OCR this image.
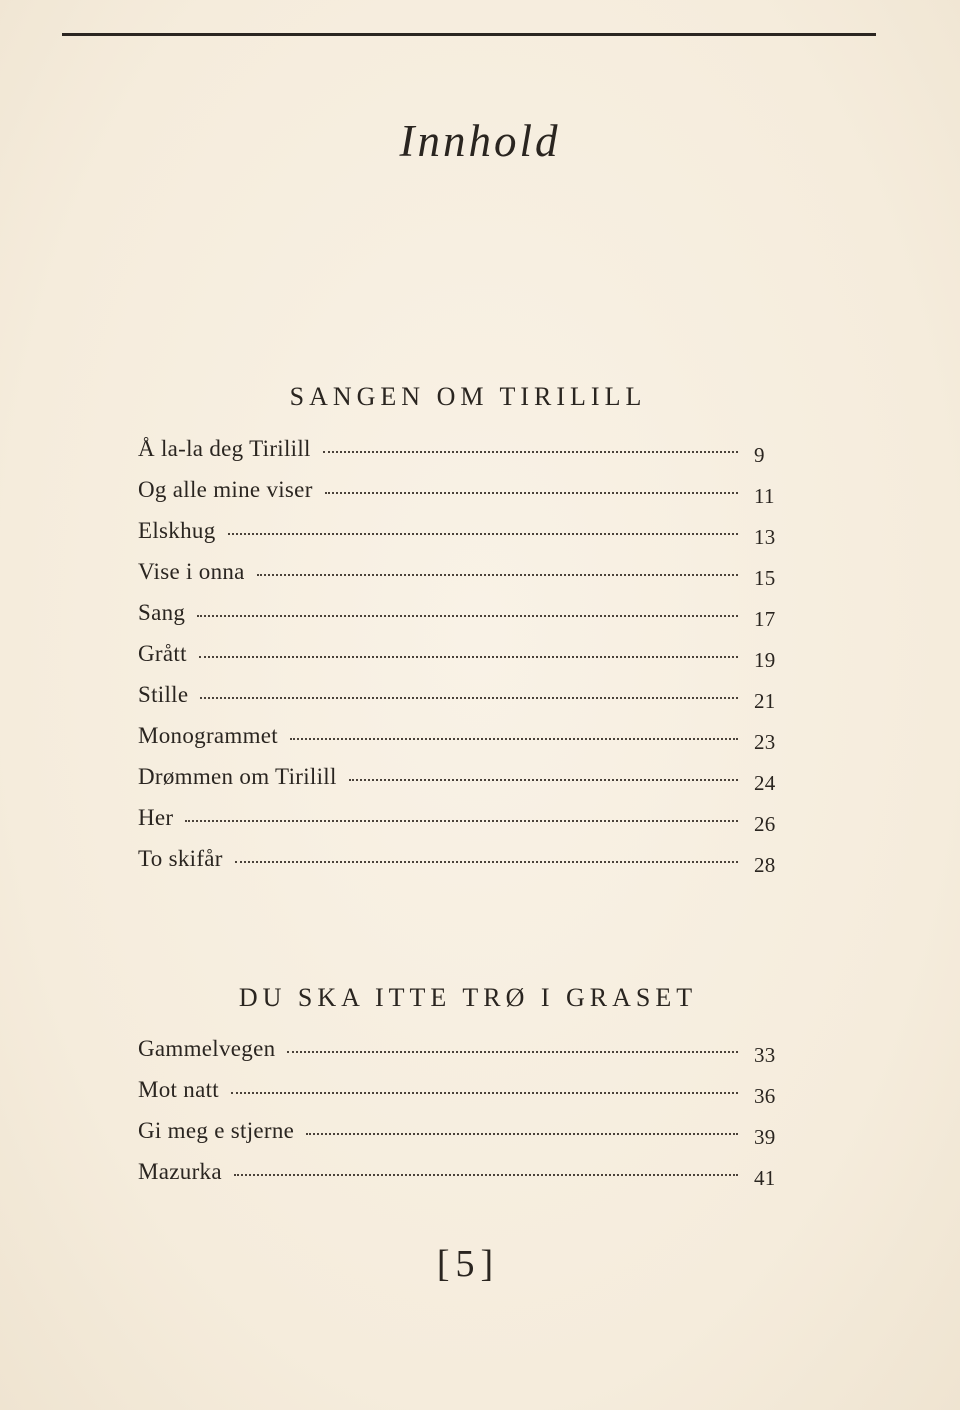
Innhold
SANGEN OM TIRILILL
Å la-la deg Tirilill	9
Og alle mine viser	11
Elskhug	13
Vise i onna	15
Sang	17
Grått	19
Stille	21
Monogrammet	23
Drømmen om Tirilill	24
Her	26
To skifår	28
DU SKA ITTE TRØ I GRASET
Gammelvegen	33
Mot natt	36
Gi meg e stjerne	39
Mazurka	41
[5]
